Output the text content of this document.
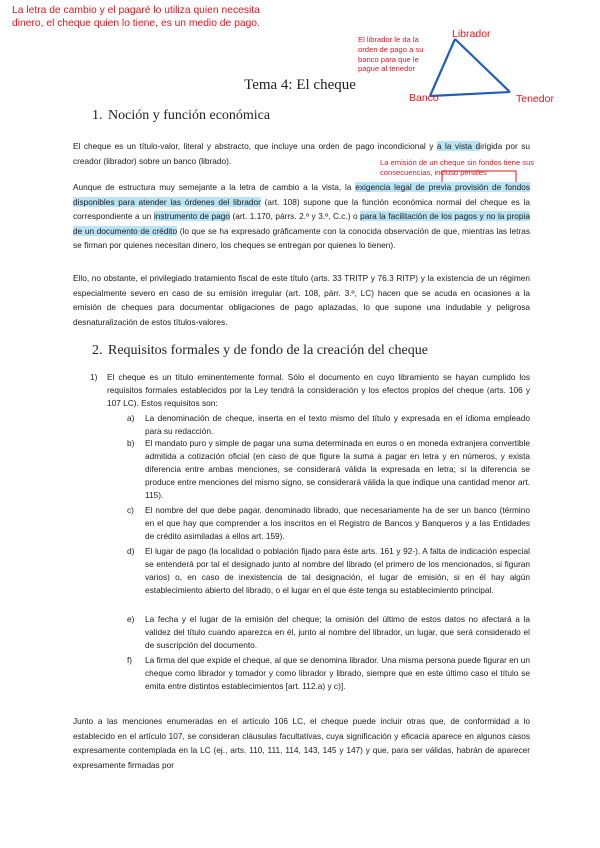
La letra de cambio y el pagaré lo utiliza quien necesita dinero, el cheque quien lo tiene, es un medio de pago.
El librador le da la orden de pago a su banco para que le pague al tenedor
Librador
Banco	Tenedor
La emisión de un cheque sin fondos tiene sus consecuencias, incluso penales
Tema 4: El cheque
1. Noción y función económica
El cheque es un título-valor, literal y abstracto, que incluye una orden de pago incondicional y a la vista dirigida por su creador (librador) sobre un banco (librado).
Aunque de estructura muy semejante a la letra de cambio a la vista, la exigencia legal de previa provisión de fondos disponibles para atender las órdenes del librador (art. 108) supone que la función económica normal del cheque es la correspondiente a un instrumento de pago (art. 1.170, párrs. 2.º y 3.º, C.c.) o para la facilitación de los pagos y no la propia de un documento de crédito (lo que se ha expresado gráficamente con la conocida observación de que, mientras las letras se firman por quienes necesitan dinero, los cheques se entregan por quienes lo tienen).
Ello, no obstante, el privilegiado tratamiento fiscal de este título (arts. 33 TRITP y 76.3 RITP) y la existencia de un régimen especialmente severo en caso de su emisión irregular (art. 108, párr. 3.º, LC) hacen que se acuda en ocasiones a la emisión de cheques para documentar obligaciones de pago aplazadas, lo que supone una indudable y peligrosa desnaturalización de estos títulos-valores.
2. Requisitos formales y de fondo de la creación del cheque
1) El cheque es un título eminentemente formal. Sólo el documento en cuyo libramiento se hayan cumplido los requisitos formales establecidos por la Ley tendrá la consideración y los efectos propios del cheque (arts. 106 y 107 LC). Estos requisitos son:
a) La denominación de cheque, inserta en el texto mismo del título y expresada en el idioma empleado para su redacción.
b) El mandato puro y simple de pagar una suma determinada en euros o en moneda extranjera convertible admitida a cotización oficial (en caso de que figure la suma a pagar en letra y en números, y exista diferencia entre ambas menciones, se considerará válida la expresada en letra; si la diferencia se produce entre menciones del mismo signo, se considerará válida la que indique una cantidad menor art. 115).
c) El nombre del que debe pagar, denominado librado, que necesariamente ha de ser un banco (término en el que hay que comprender a los inscritos en el Registro de Bancos y Banqueros y a las Entidades de crédito asimiladas a ellos art. 159).
d) El lugar de pago (la localidad o población fijado para éste arts. 161 y 92-). A falta de indicación especial se entenderá por tal el designado junto al nombre del librado (el primero de los mencionados, si figuran varios) o, en caso de inexistencia de tal designación, el lugar de emisión, si en él hay algún establecimiento abierto del librado, o el lugar en el que éste tenga su establecimiento principal.
e) La fecha y el lugar de la emisión del cheque; la omisión del último de estos datos no afectará a la validez del título cuando aparezca en él, junto al nombre del librador, un lugar, que será considerado el de suscripción del documento.
f) La firma del que expide el cheque, al que se denomina librador. Una misma persona puede figurar en un cheque como librador y tomador y como librador y librado, siempre que en este último caso el título se emita entre distintos establecimientos [art. 112.a) y c)].
Junto a las menciones enumeradas en el artículo 106 LC, el cheque puede incluir otras que, de conformidad a lo establecido en el artículo 107, se consideran cláusulas facultativas, cuya significación y eficacia aparece en algunos casos expresamente contemplada en la LC (ej., arts. 110, 111, 114, 143, 145 y 147) y que, para ser válidas, habrán de aparecer expresamente firmadas por
